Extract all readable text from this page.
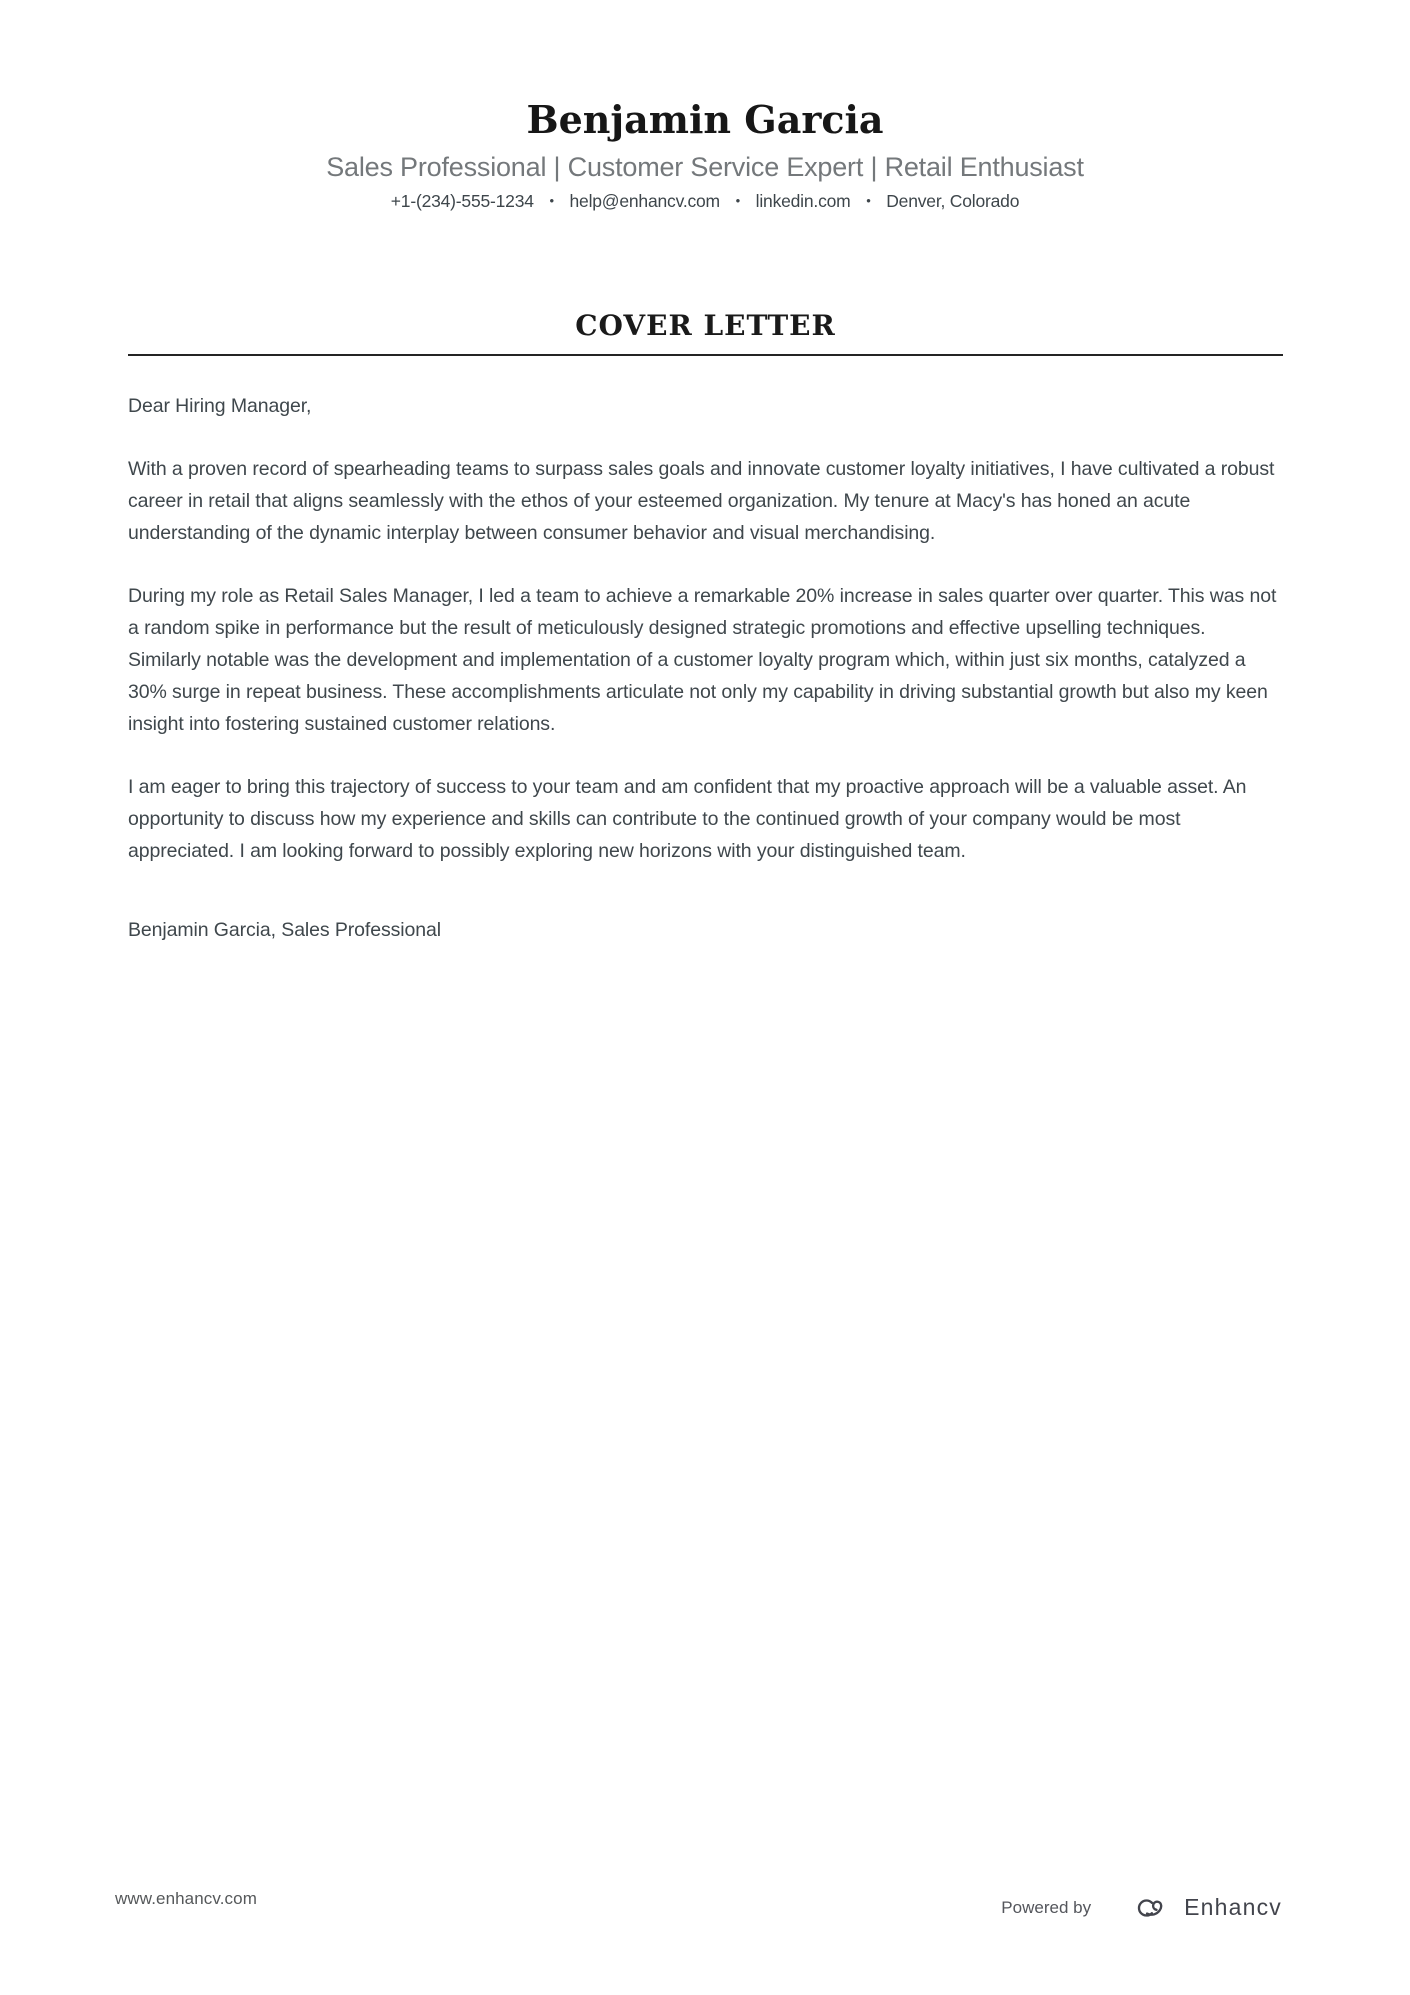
Benjamin Garcia
Sales Professional | Customer Service Expert | Retail Enthusiast
+1-(234)-555-1234 • help@enhancv.com • linkedin.com • Denver, Colorado
COVER LETTER

Dear Hiring Manager,

With a proven record of spearheading teams to surpass sales goals and innovate customer loyalty initiatives, I have cultivated a robust career in retail that aligns seamlessly with the ethos of your esteemed organization. My tenure at Macy's has honed an acute understanding of the dynamic interplay between consumer behavior and visual merchandising.

During my role as Retail Sales Manager, I led a team to achieve a remarkable 20% increase in sales quarter over quarter. This was not a random spike in performance but the result of meticulously designed strategic promotions and effective upselling techniques. Similarly notable was the development and implementation of a customer loyalty program which, within just six months, catalyzed a 30% surge in repeat business. These accomplishments articulate not only my capability in driving substantial growth but also my keen insight into fostering sustained customer relations.

I am eager to bring this trajectory of success to your team and am confident that my proactive approach will be a valuable asset. An opportunity to discuss how my experience and skills can contribute to the continued growth of your company would be most appreciated. I am looking forward to possibly exploring new horizons with your distinguished team.

Benjamin Garcia, Sales Professional

www.enhancv.com	Powered by	Enhancv
